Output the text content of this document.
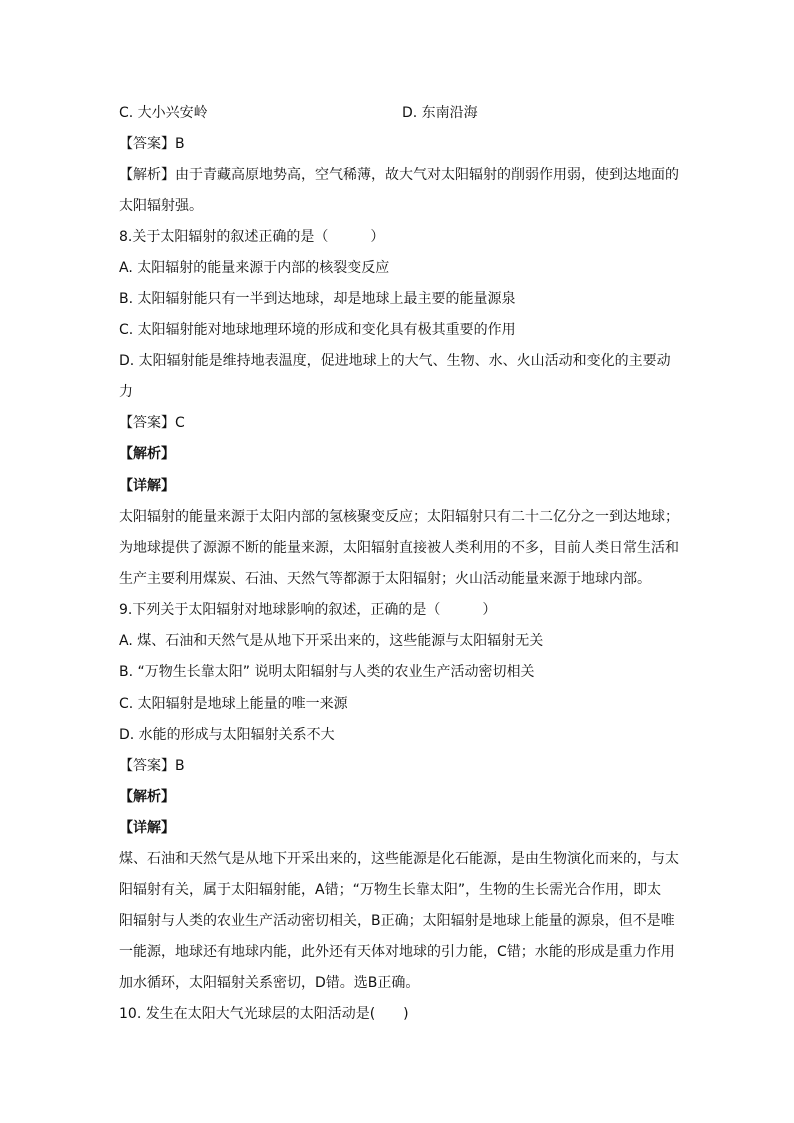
C. 大小兴安岭	D. 东南沿海
【答案】B
【解析】由于青藏高原地势高，空气稀薄，故大气对太阳辐射的削弱作用弱，使到达地面的
太阳辐射强。
8.关于太阳辐射的叙述正确的是（　　　）
A. 太阳辐射的能量来源于内部的核裂变反应
B. 太阳辐射能只有一半到达地球，却是地球上最主要的能量源泉
C. 太阳辐射能对地球地理环境的形成和变化具有极其重要的作用
D. 太阳辐射能是维持地表温度，促进地球上的大气、生物、水、火山活动和变化的主要动
力
【答案】C
【解析】
【详解】
太阳辐射的能量来源于太阳内部的氢核聚变反应；太阳辐射只有二十二亿分之一到达地球；
为地球提供了源源不断的能量来源，太阳辐射直接被人类利用的不多，目前人类日常生活和
生产主要利用煤炭、石油、天然气等都源于太阳辐射；火山活动能量来源于地球内部。
9.下列关于太阳辐射对地球影响的叙述，正确的是（　　　）
A. 煤、石油和天然气是从地下开采出来的，这些能源与太阳辐射无关
B. “万物生长靠太阳” 说明太阳辐射与人类的农业生产活动密切相关
C. 太阳辐射是地球上能量的唯一来源
D. 水能的形成与太阳辐射关系不大
【答案】B
【解析】
【详解】
煤、石油和天然气是从地下开采出来的，这些能源是化石能源，是由生物演化而来的，与太
阳辐射有关，属于太阳辐射能，A错；“万物生长靠太阳”，生物的生长需光合作用，即太
阳辐射与人类的农业生产活动密切相关，B正确；太阳辐射是地球上能量的源泉，但不是唯
一能源，地球还有地球内能，此外还有天体对地球的引力能，C错；水能的形成是重力作用
加水循环，太阳辐射关系密切，D错。选B正确。
10. 发生在太阳大气光球层的太阳活动是(　　)
